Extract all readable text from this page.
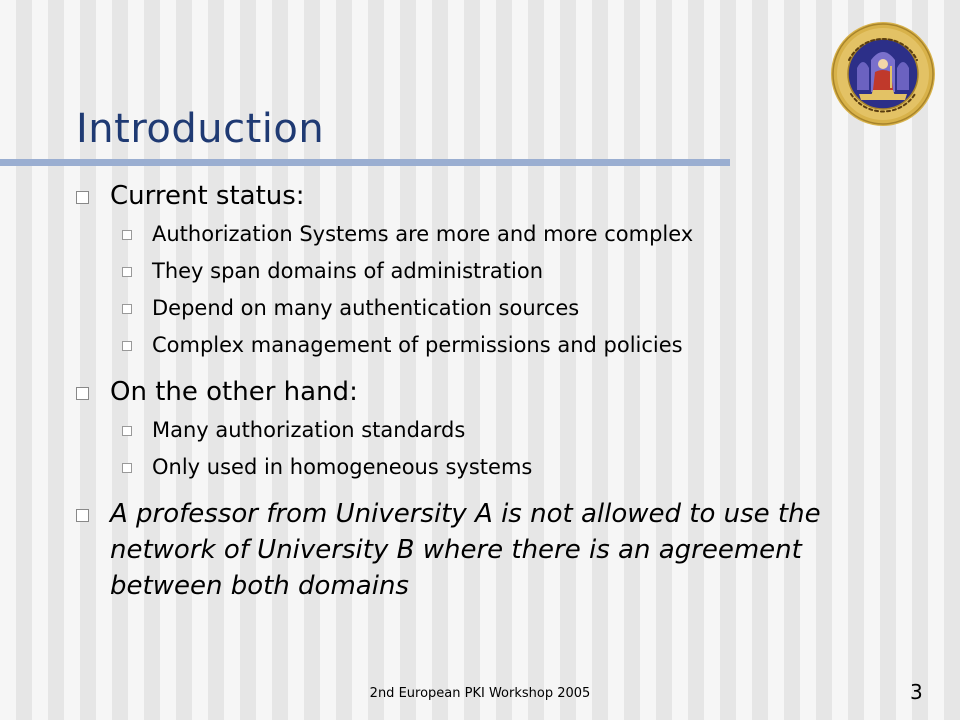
Introduction
Current status:
Authorization Systems are more and more complex
They span domains of administration
Depend on many authentication sources
Complex management of permissions and policies
On the other hand:
Many authorization standards
Only used in homogeneous systems
A professor from University A is not allowed to use the network of University B where there is an agreement between both domains
2nd European PKI Workshop 2005	3
